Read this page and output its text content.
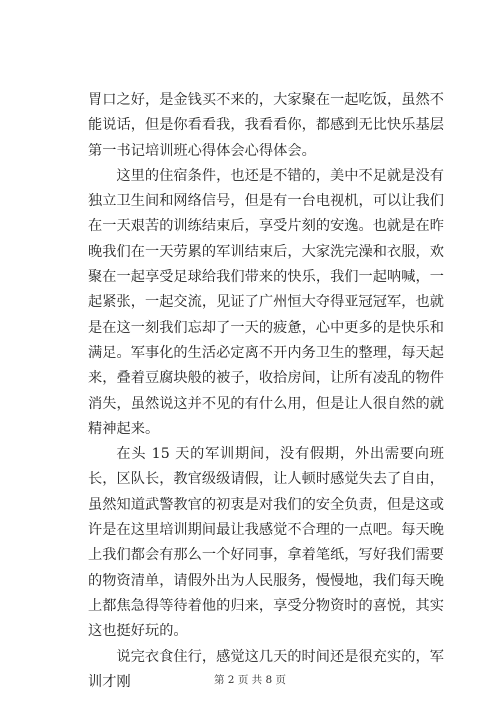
胃口之好，是金钱买不来的，大家聚在一起吃饭，虽然不能说话，但是你看看我，我看看你，都感到无比快乐基层第一书记培训班心得体会心得体会。

这里的住宿条件，也还是不错的，美中不足就是没有独立卫生间和网络信号，但是有一台电视机，可以让我们在一天艰苦的训练结束后，享受片刻的安逸。也就是在昨晚我们在一天劳累的军训结束后，大家洗完澡和衣服，欢聚在一起享受足球给我们带来的快乐，我们一起呐喊，一起紧张，一起交流，见证了广州恒大夺得亚冠冠军，也就是在这一刻我们忘却了一天的疲惫，心中更多的是快乐和满足。军事化的生活必定离不开内务卫生的整理，每天起来，叠着豆腐块般的被子，收拾房间，让所有凌乱的物件消失，虽然说这并不见的有什么用，但是让人很自然的就精神起来。

在头 15 天的军训期间，没有假期，外出需要向班长，区队长，教官级级请假，让人顿时感觉失去了自由，虽然知道武警教官的初衷是对我们的安全负责，但是这或许是在这里培训期间最让我感觉不合理的一点吧。每天晚上我们都会有那么一个好同事，拿着笔纸，写好我们需要的物资清单，请假外出为人民服务，慢慢地，我们每天晚上都焦急得等待着他的归来，享受分物资时的喜悦，其实这也挺好玩的。

说完衣食住行，感觉这几天的时间还是很充实的，军训才刚	第 2 页 共 8 页
